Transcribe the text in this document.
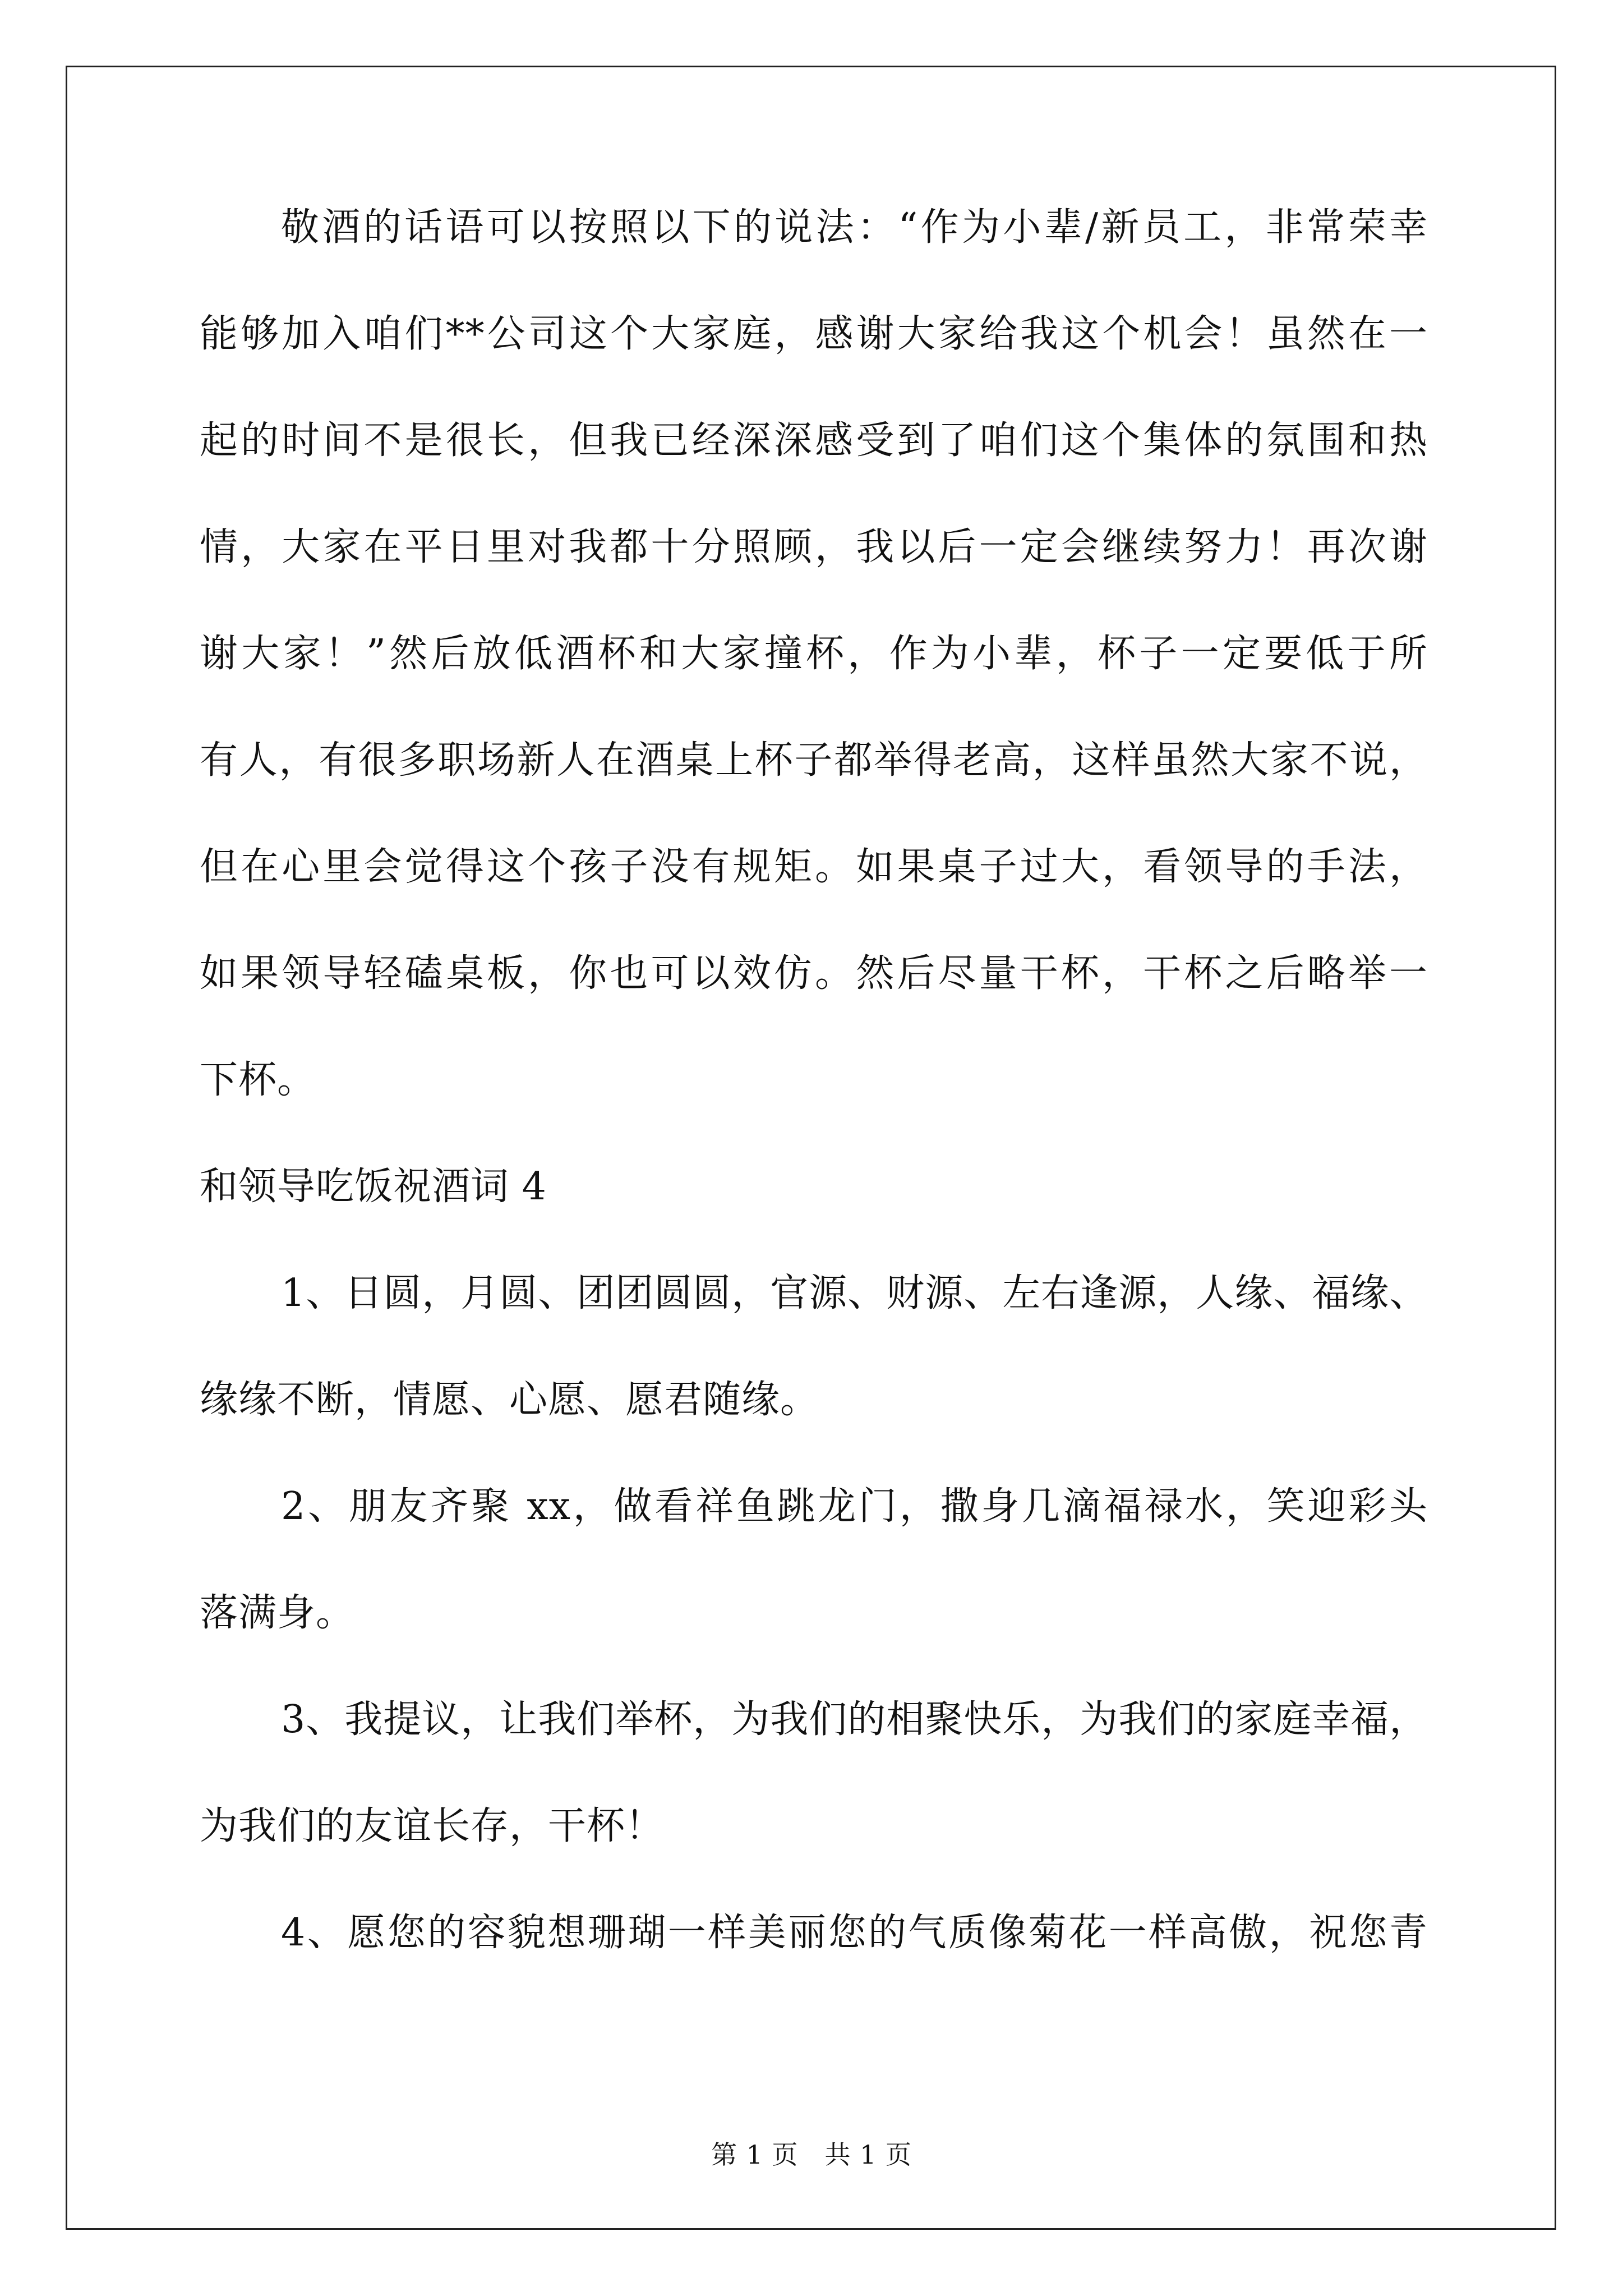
敬酒的话语可以按照以下的说法：“作为小辈/新员工，非常荣幸
能够加入咱们**公司这个大家庭，感谢大家给我这个机会！虽然在一
起的时间不是很长，但我已经深深感受到了咱们这个集体的氛围和热
情，大家在平日里对我都十分照顾，我以后一定会继续努力！再次谢
谢大家！”然后放低酒杯和大家撞杯，作为小辈，杯子一定要低于所
有人，有很多职场新人在酒桌上杯子都举得老高，这样虽然大家不说，
但在心里会觉得这个孩子没有规矩。如果桌子过大，看领导的手法，
如果领导轻磕桌板，你也可以效仿。然后尽量干杯，干杯之后略举一
下杯。
和领导吃饭祝酒词 4
1、日圆，月圆、团团圆圆，官源、财源、左右逢源，人缘、福缘、
缘缘不断，情愿、心愿、愿君随缘。
2、朋友齐聚 xx，做看祥鱼跳龙门，撒身几滴福禄水，笑迎彩头
落满身。
3、我提议，让我们举杯，为我们的相聚快乐，为我们的家庭幸福，
为我们的友谊长存，干杯！
4、愿您的容貌想珊瑚一样美丽您的气质像菊花一样高傲，祝您青
第 1 页　共 1 页
